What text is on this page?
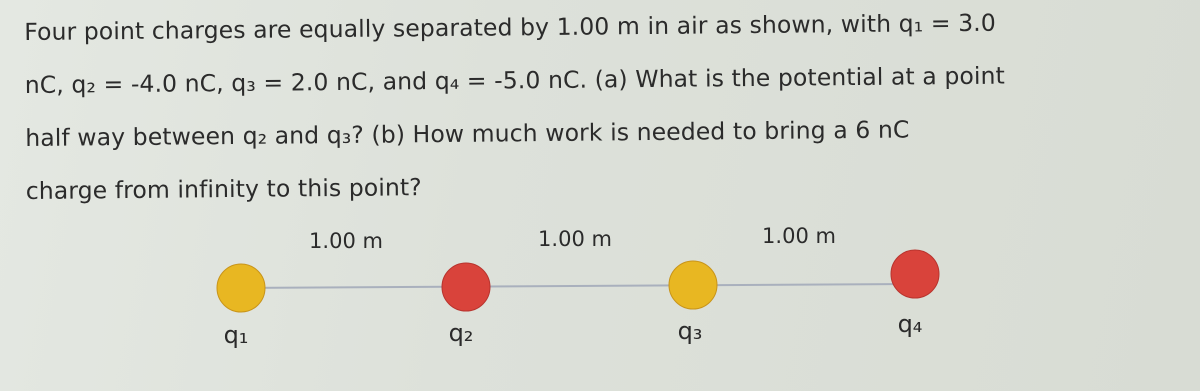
Four point charges are equally separated by 1.00 m in air as shown, with q₁ = 3.0
nC, q₂ = -4.0 nC, q₃ = 2.0 nC, and q₄ = -5.0 nC. (a) What is the potential at a point
half way between q₂ and q₃? (b) How much work is needed to bring a 6 nC
charge from infinity to this point?
1.00 m	1.00 m	1.00 m
q₁	q₂	q₃	q₄
